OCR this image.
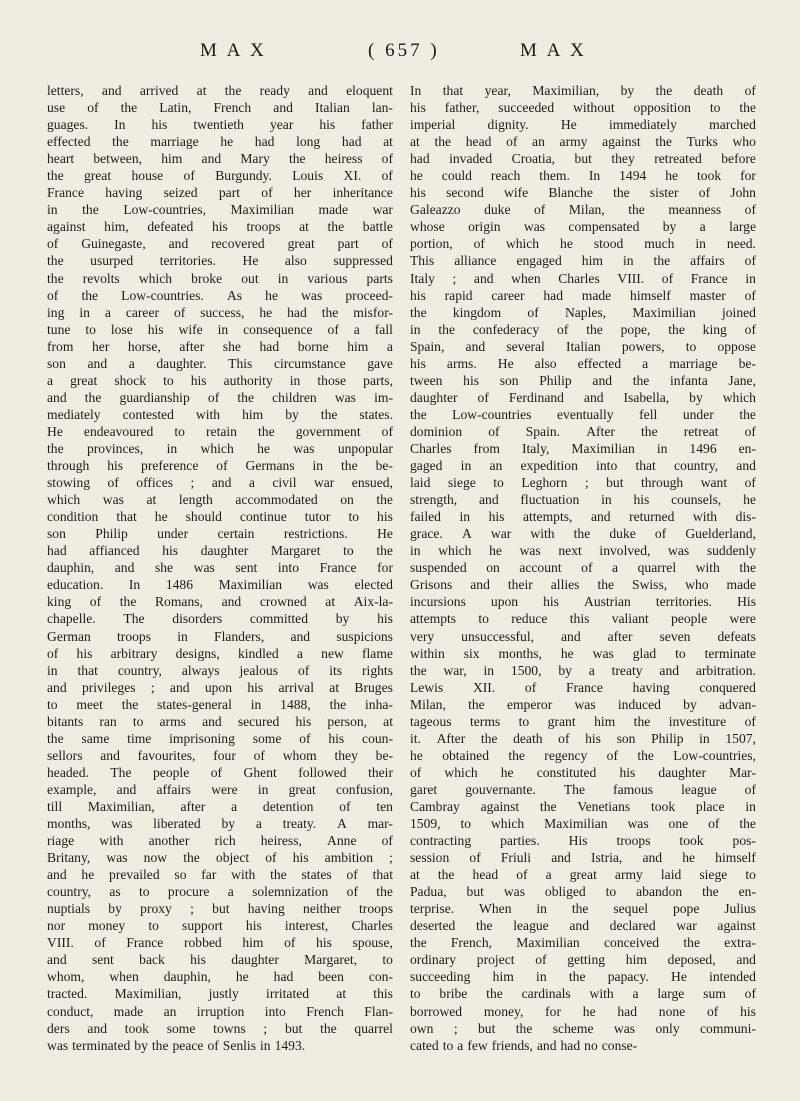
M A X	( 657 )	M A X
letters, and arrived at the ready and eloquent
use of the Latin, French and Italian lan-
guages. In his twentieth year his father
effected the marriage he had long had at
heart between, him and Mary the heiress of
the great house of Burgundy. Louis XI. of
France having seized part of her inheritance
in the Low-countries, Maximilian made war
against him, defeated his troops at the battle
of Guinegaste, and recovered great part of
the usurped territories. He also suppressed
the revolts which broke out in various parts
of the Low-countries. As he was proceed-
ing in a career of success, he had the misfor-
tune to lose his wife in consequence of a fall
from her horse, after she had borne him a
son and a daughter. This circumstance gave
a great shock to his authority in those parts,
and the guardianship of the children was im-
mediately contested with him by the states.
He endeavoured to retain the government of
the provinces, in which he was unpopular
through his preference of Germans in the be-
stowing of offices ; and a civil war ensued,
which was at length accommodated on the
condition that he should continue tutor to his
son Philip under certain restrictions. He
had affianced his daughter Margaret to the
dauphin, and she was sent into France for
education. In 1486 Maximilian was elected
king of the Romans, and crowned at Aix-la-
chapelle. The disorders committed by his
German troops in Flanders, and suspicions
of his arbitrary designs, kindled a new flame
in that country, always jealous of its rights
and privileges ; and upon his arrival at Bruges
to meet the states-general in 1488, the inha-
bitants ran to arms and secured his person, at
the same time imprisoning some of his coun-
sellors and favourites, four of whom they be-
headed. The people of Ghent followed their
example, and affairs were in great confusion,
till Maximilian, after a detention of ten
months, was liberated by a treaty. A mar-
riage with another rich heiress, Anne of
Britany, was now the object of his ambition ;
and he prevailed so far with the states of that
country, as to procure a solemnization of the
nuptials by proxy ; but having neither troops
nor money to support his interest, Charles
VIII. of France robbed him of his spouse,
and sent back his daughter Margaret, to
whom, when dauphin, he had been con-
tracted. Maximilian, justly irritated at this
conduct, made an irruption into French Flan-
ders and took some towns ; but the quarrel
was terminated by the peace of Senlis in 1493.
In that year, Maximilian, by the death of
his father, succeeded without opposition to the
imperial dignity. He immediately marched
at the head of an army against the Turks who
had invaded Croatia, but they retreated before
he could reach them. In 1494 he took for
his second wife Blanche the sister of John
Galeazzo duke of Milan, the meanness of
whose origin was compensated by a large
portion, of which he stood much in need.
This alliance engaged him in the affairs of
Italy ; and when Charles VIII. of France in
his rapid career had made himself master of
the kingdom of Naples, Maximilian joined
in the confederacy of the pope, the king of
Spain, and several Italian powers, to oppose
his arms. He also effected a marriage be-
tween his son Philip and the infanta Jane,
daughter of Ferdinand and Isabella, by which
the Low-countries eventually fell under the
dominion of Spain. After the retreat of
Charles from Italy, Maximilian in 1496 en-
gaged in an expedition into that country, and
laid siege to Leghorn ; but through want of
strength, and fluctuation in his counsels, he
failed in his attempts, and returned with dis-
grace. A war with the duke of Guelderland,
in which he was next involved, was suddenly
suspended on account of a quarrel with the
Grisons and their allies the Swiss, who made
incursions upon his Austrian territories. His
attempts to reduce this valiant people were
very unsuccessful, and after seven defeats
within six months, he was glad to terminate
the war, in 1500, by a treaty and arbitration.
Lewis XII. of France having conquered
Milan, the emperor was induced by advan-
tageous terms to grant him the investiture of
it. After the death of his son Philip in 1507,
he obtained the regency of the Low-countries,
of which he constituted his daughter Mar-
garet gouvernante. The famous league of
Cambray against the Venetians took place in
1509, to which Maximilian was one of the
contracting parties. His troops took pos-
session of Friuli and Istria, and he himself
at the head of a great army laid siege to
Padua, but was obliged to abandon the en-
terprise. When in the sequel pope Julius
deserted the league and declared war against
the French, Maximilian conceived the extra-
ordinary project of getting him deposed, and
succeeding him in the papacy. He intended
to bribe the cardinals with a large sum of
borrowed money, for he had none of his
own ; but the scheme was only communi-
cated to a few friends, and had no conse-
